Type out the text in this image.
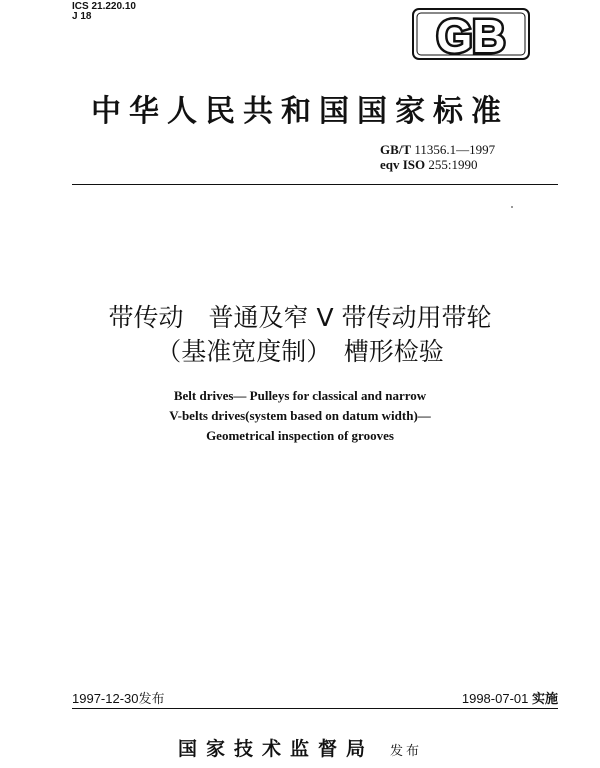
ICS 21.220.10
J 18	GB
中华人民共和国国家标准
GB/T 11356.1—1997
eqv ISO 255:1990
带传动　普通及窄 V 带传动用带轮
（基准宽度制）　槽形检验
Belt drives— Pulleys for classical and narrow
V-belts drives(system based on datum width)—
Geometrical inspection of grooves
1997-12-30发布	1998-07-01 实施
国家技术监督局 发布
